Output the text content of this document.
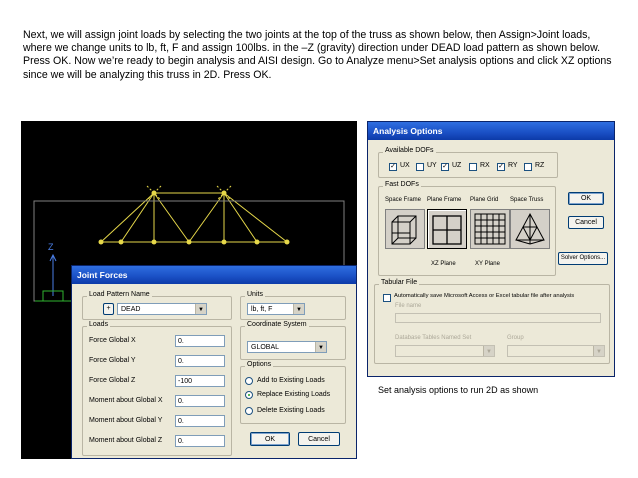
Next, we will assign joint loads by selecting the two joints at the top of the truss as shown below, then Assign>Joint loads, where we change units to lb, ft, F and assign 100lbs. in the –Z (gravity) direction under DEAD load pattern as shown below. Press OK. Now we’re ready to begin analysis and AISI design. Go to Analyze menu>Set analysis options and click XZ options since we will be analyzing this truss in 2D. Press OK.
Z
Joint Forces
Load Pattern Name
+	DEAD	▼
Units
lb, ft, F	▼
Loads
Force Global X	0.
Force Global Y	0.
Force Global Z	-100
Moment about Global X	0.
Moment about Global Y	0.
Moment about Global Z	0.
Coordinate System
GLOBAL	▼
Options
Add to Existing Loads
Replace Existing Loads
Delete Existing Loads
OK	Cancel
Analysis Options
Available DOFs
✓ UX UY ✓ UZ	RX ✓ RY RZ
Fast DOFs
Space Frame Plane Frame Plane Grid Space Truss
XZ Plane	XY Plane
OK
Cancel
Solver Options...
Tabular File
Automatically save Microsoft Access or Excel tabular file after analysis
File name
Database Tables Named Set	Group
▼	▼
Set analysis options to run 2D as shown
